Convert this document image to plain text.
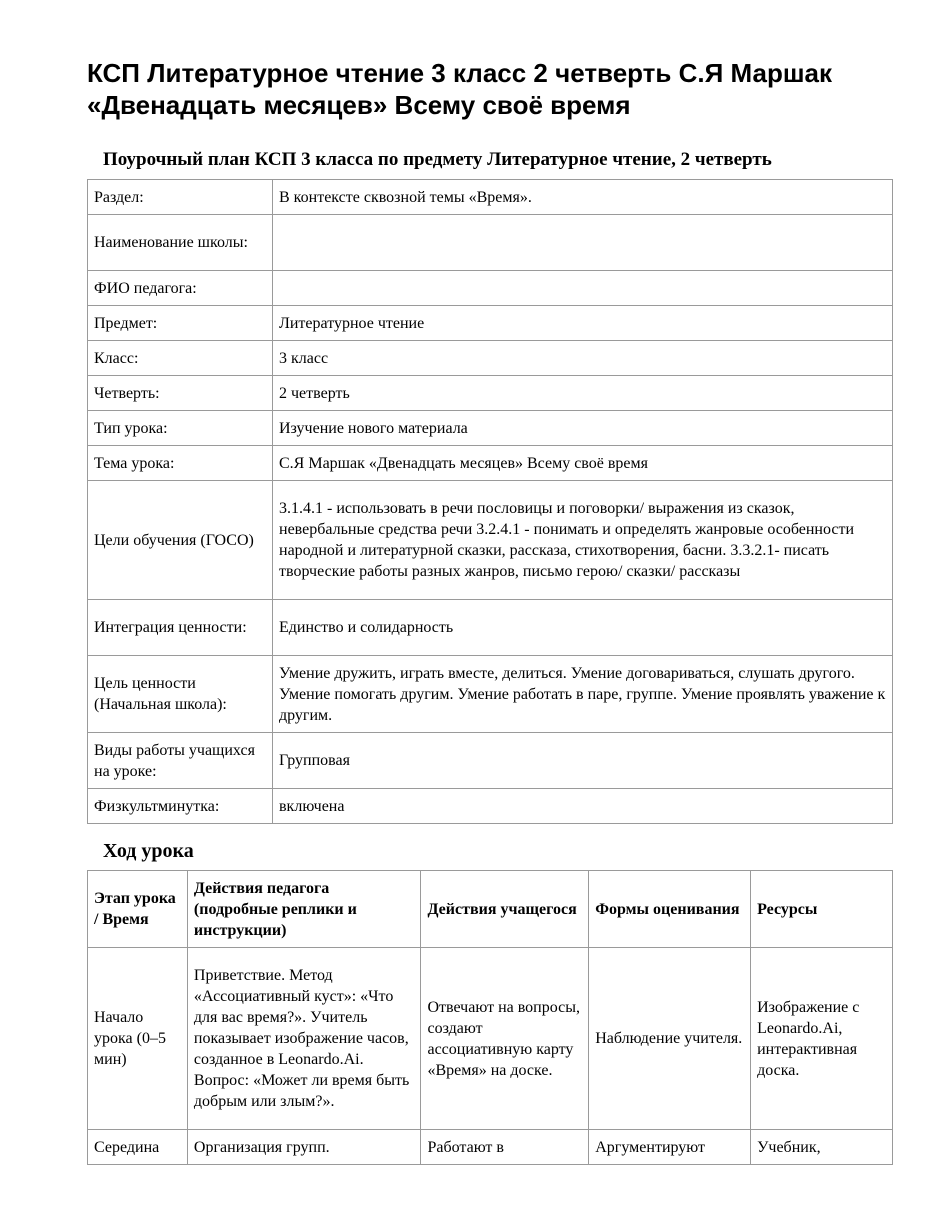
КСП Литературное чтение 3 класс 2 четверть С.Я Маршак «Двенадцать месяцев» Всему своё время
Поурочный план КСП 3 класса по предмету Литературное чтение, 2 четверть
Раздел:	В контексте сквозной темы «Время».
Наименование школы:	
ФИО педагога:	
Предмет:	Литературное чтение
Класс:	3 класс
Четверть:	2 четверть
Тип урока:	Изучение нового материала
Тема урока:	С.Я Маршак «Двенадцать месяцев» Всему своё время
Цели обучения (ГОСО)	3.1.4.1 - использовать в речи пословицы и поговорки/ выражения из сказок, невербальные средства речи 3.2.4.1 - понимать и определять жанровые особенности народной и литературной сказки, рассказа, стихотворения, басни. 3.3.2.1- писать творческие работы разных жанров, письмо герою/ сказки/ рассказы
Интеграция ценности:	Единство и солидарность
Цель ценности (Начальная школа):	Умение дружить, играть вместе, делиться. Умение договариваться, слушать другого. Умение помогать другим. Умение работать в паре, группе. Умение проявлять уважение к другим.
Виды работы учащихся на уроке:	Групповая
Физкультминутка:	включена
Ход урока
Этап урока / Время	Действия педагога (подробные реплики и инструкции)	Действия учащегося	Формы оценивания	Ресурсы
Начало урока (0–5 мин)	Приветствие. Метод «Ассоциативный куст»: «Что для вас время?». Учитель показывает изображение часов, созданное в Leonardo.Ai. Вопрос: «Может ли время быть добрым или злым?».	Отвечают на вопросы, создают ассоциативную карту «Время» на доске.	Наблюдение учителя.	Изображение с Leonardo.Ai, интерактивная доска.
Середина	Организация групп.	Работают в	Аргументируют	Учебник,
